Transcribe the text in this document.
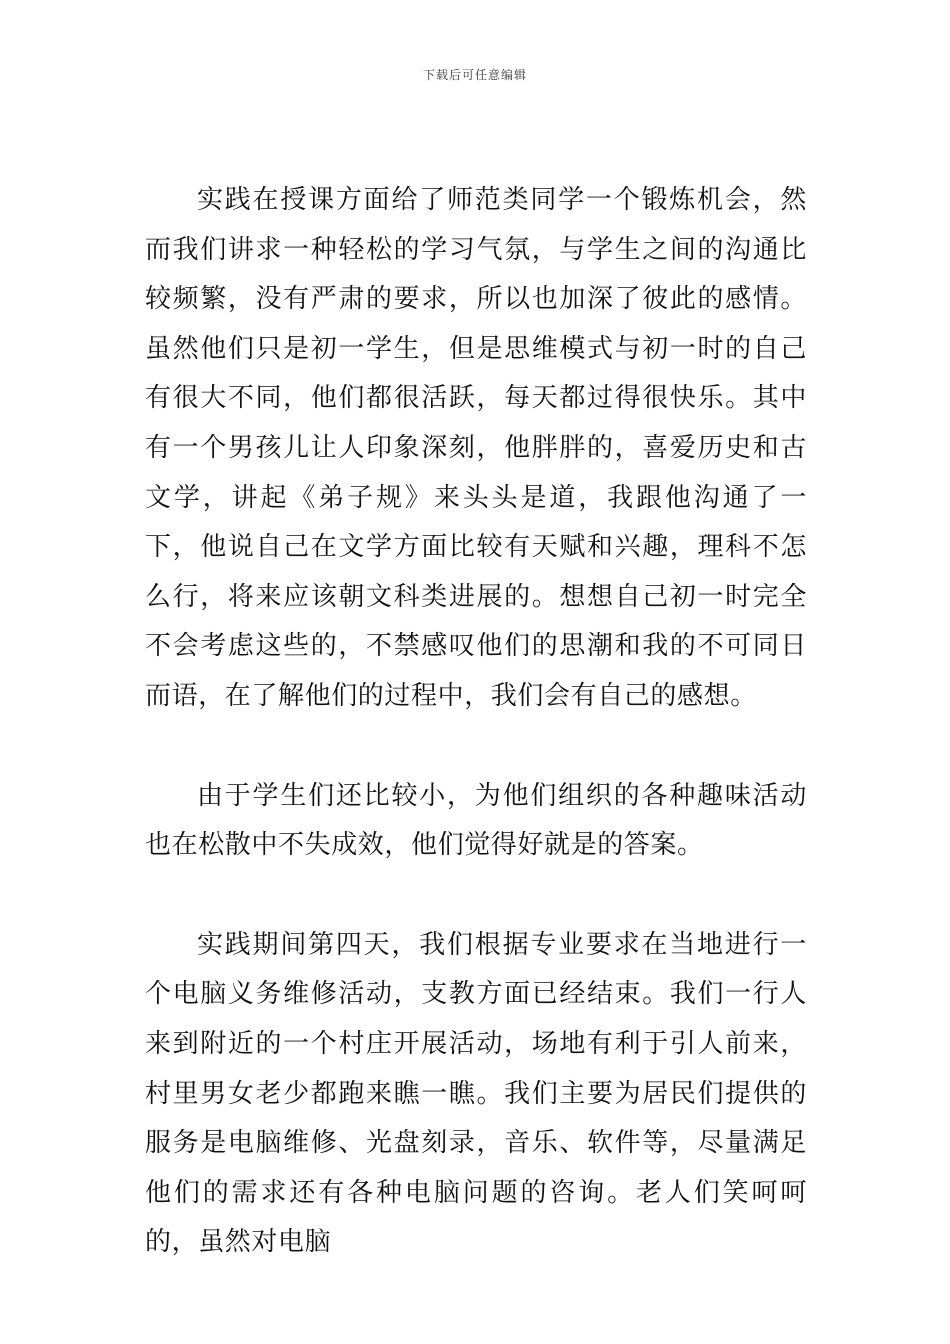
下载后可任意编辑

实践在授课方面给了师范类同学一个锻炼机会，然而我们讲求一种轻松的学习气氛，与学生之间的沟通比较频繁，没有严肃的要求，所以也加深了彼此的感情。虽然他们只是初一学生，但是思维模式与初一时的自己有很大不同，他们都很活跃，每天都过得很快乐。其中有一个男孩儿让人印象深刻，他胖胖的，喜爱历史和古文学，讲起《弟子规》来头头是道，我跟他沟通了一下，他说自己在文学方面比较有天赋和兴趣，理科不怎么行，将来应该朝文科类进展的。想想自己初一时完全不会考虑这些的，不禁感叹他们的思潮和我的不可同日而语，在了解他们的过程中，我们会有自己的感想。

由于学生们还比较小，为他们组织的各种趣味活动也在松散中不失成效，他们觉得好就是的答案。

实践期间第四天，我们根据专业要求在当地进行一个电脑义务维修活动，支教方面已经结束。我们一行人来到附近的一个村庄开展活动，场地有利于引人前来，村里男女老少都跑来瞧一瞧。我们主要为居民们提供的服务是电脑维修、光盘刻录，音乐、软件等，尽量满足他们的需求还有各种电脑问题的咨询。老人们笑呵呵的，虽然对电脑
